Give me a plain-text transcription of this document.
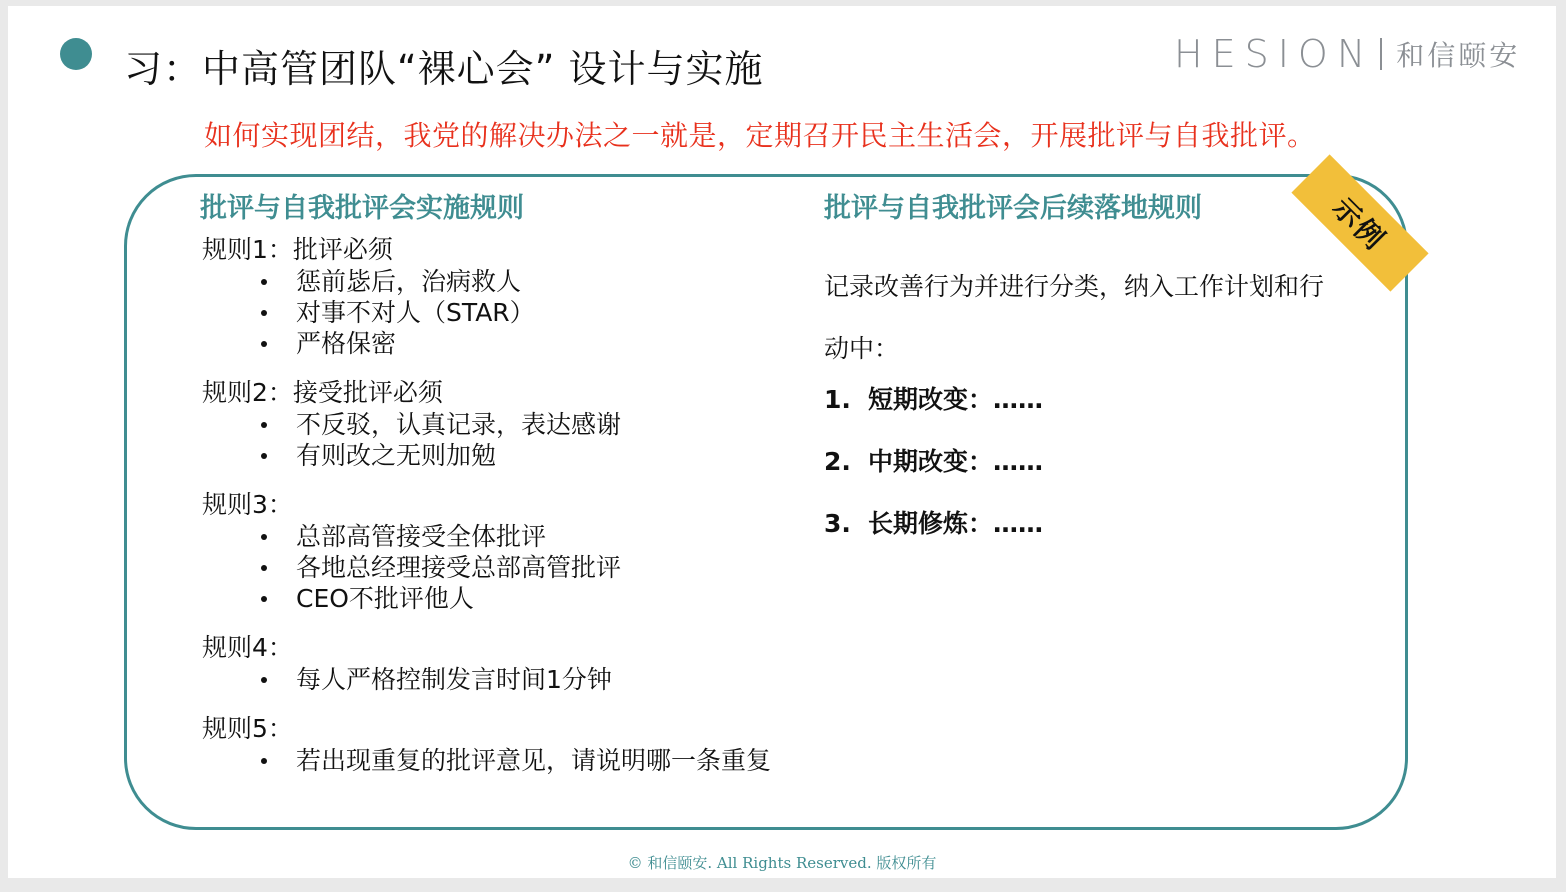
习：中高管团队“裸心会” 设计与实施	HESION 和信颐安
如何实现团结，我党的解决办法之一就是，定期召开民主生活会，开展批评与自我批评。
批评与自我批评会实施规则	批评与自我批评会后续落地规则
规则1：批评必须
惩前毖后，治病救人
对事不对人（STAR）
严格保密
规则2：接受批评必须
不反驳，认真记录，表达感谢
有则改之无则加勉
规则3：
总部高管接受全体批评
各地总经理接受总部高管批评
CEO不批评他人
规则4：
每人严格控制发言时间1分钟
规则5：
若出现重复的批评意见，请说明哪一条重复
记录改善行为并进行分类，纳入工作计划和行动中：
1. 短期改变：……
2. 中期改变：……
3. 长期修炼：……
示例
© 和信颐安. All Rights Reserved. 版权所有
